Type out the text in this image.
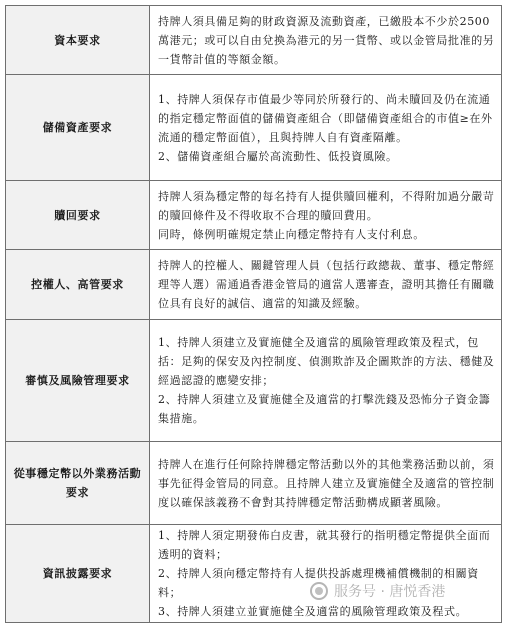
資本要求	持牌人須具備足夠的財政資源及流動資產，已繳股本不少於2500萬港元；或可以自由兌換為港元的另一貨幣、或以金管局批准的另一貨幣計值的等額金額。

儲備資產要求	1、持牌人須保存市值最少等同於所發行的、尚未贖回及仍在流通的指定穩定幣面值的儲備資產組合（即儲備資產組合的市值≥在外流通的穩定幣面值），且與持牌人自有資產隔離。
2、儲備資產組合屬於高流動性、低投資風險。

贖回要求	持牌人須為穩定幣的每名持有人提供贖回權利，不得附加過分嚴苛的贖回條件及不得收取不合理的贖回費用。
同時，條例明確規定禁止向穩定幣持有人支付利息。

控權人、高管要求	持牌人的控權人、關鍵管理人員（包括行政總裁、董事、穩定幣經理等人選）需通過香港金管局的適當人選審查，證明其擔任有關職位具有良好的誠信、適當的知識及經驗。

審慎及風險管理要求	1、持牌人須建立及實施健全及適當的風險管理政策及程式，包括：足夠的保安及內控制度、偵測欺詐及企圖欺詐的方法、穩健及經過認證的應變安排；
2、持牌人須建立及實施健全及適當的打擊洗錢及恐怖分子資金籌集措施。

從事穩定幣以外業務活動要求	持牌人在進行任何除持牌穩定幣活動以外的其他業務活動以前，須事先征得金管局的同意。且持牌人建立及實施健全及適當的管控制度以確保該義務不會對其持牌穩定幣活動構成顯著風險。

資訊披露要求	1、持牌人須定期發佈白皮書，就其發行的指明穩定幣提供全面而透明的資料；
2、持牌人須向穩定幣持有人提供投訴處理機補償機制的相關資料；
3、持牌人須建立並實施健全及適當的風險管理政策及程式。
服务号 · 唐悦香港
